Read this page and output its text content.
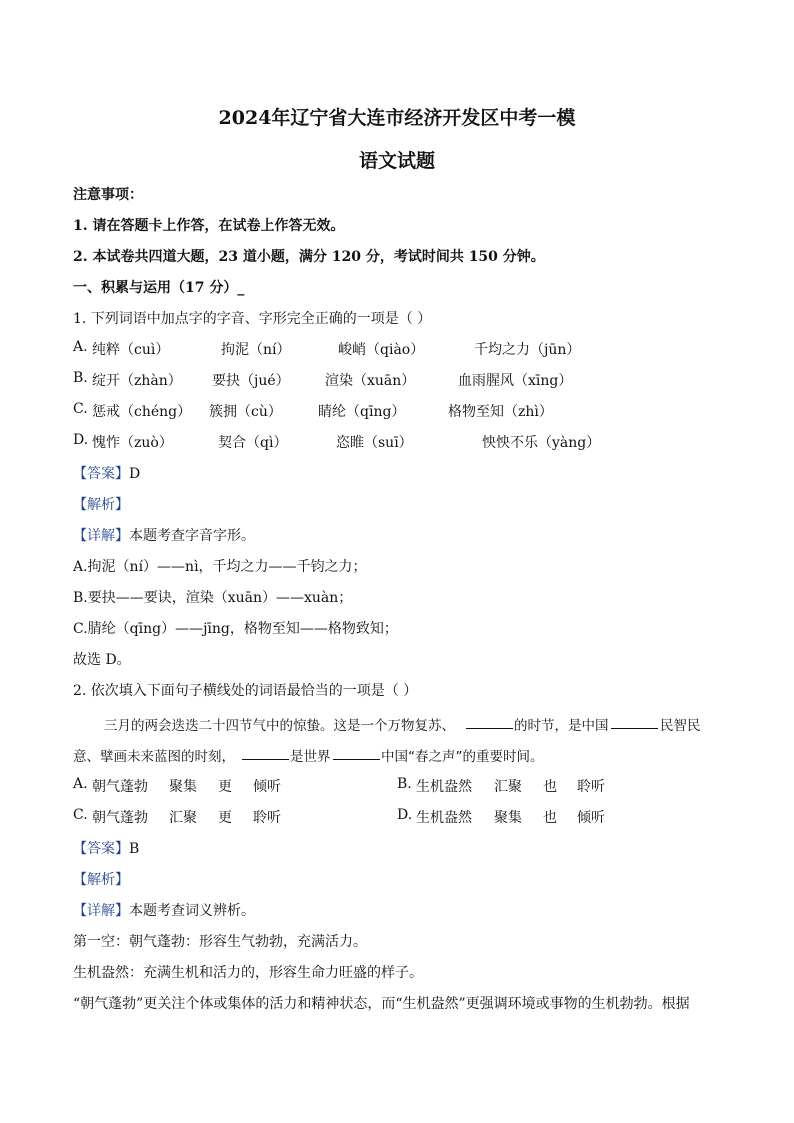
2024年辽宁省大连市经济开发区中考一模
语文试题
注意事项：
1. 请在答题卡上作答，在试卷上作答无效。
2. 本试卷共四道大题，23 道小题，满分 120 分，考试时间共 150 分钟。
一、积累与运用（17 分）_
1. 下列词语中加点字的字音、字形完全正确的一项是（ ）
A. 纯粹（cuì）	拘泥（ní）	峻峭（qiào）	千均之力（jūn）
B. 绽开（zhàn） 要抉（jué）	渲染（xuān）	血雨腥风（xīng）
C. 惩戒（chéng） 簇拥（cù）	睛纶（qīng）	格物至知（zhì）
D. 愧怍（zuò）	契合（qì）	恣睢（suī）	怏怏不乐（yàng）
【答案】D
【解析】
【详解】本题考查字音字形。
A.拘泥（ní）——nì，千均之力——千钧之力；
B.要抉——要诀，渲染（xuān）——xuàn；
C.腈纶（qīng）——jīng，格物至知——格物致知；
故选 D。
2. 依次填入下面句子横线处的词语最恰当的一项是（ ）
三月的两会迭迭二十四节气中的惊蛰。这是一个万物复苏、	的时节，是中国	民智民
意、擘画未来蓝图的时刻，	是世界	中国“春之声”的重要时间。
A. 朝气蓬勃 聚集 更 倾听	B. 生机盎然 汇聚 也 聆听
C. 朝气蓬勃 汇聚 更 聆听	D. 生机盎然 聚集 也 倾听
【答案】B
【解析】
【详解】本题考查词义辨析。
第一空：朝气蓬勃：形容生气勃勃，充满活力。
生机盎然：充满生机和活力的，形容生命力旺盛的样子。
“朝气蓬勃”更关注个体或集体的活力和精神状态，而“生机盎然”更强调环境或事物的生机勃勃。根据
